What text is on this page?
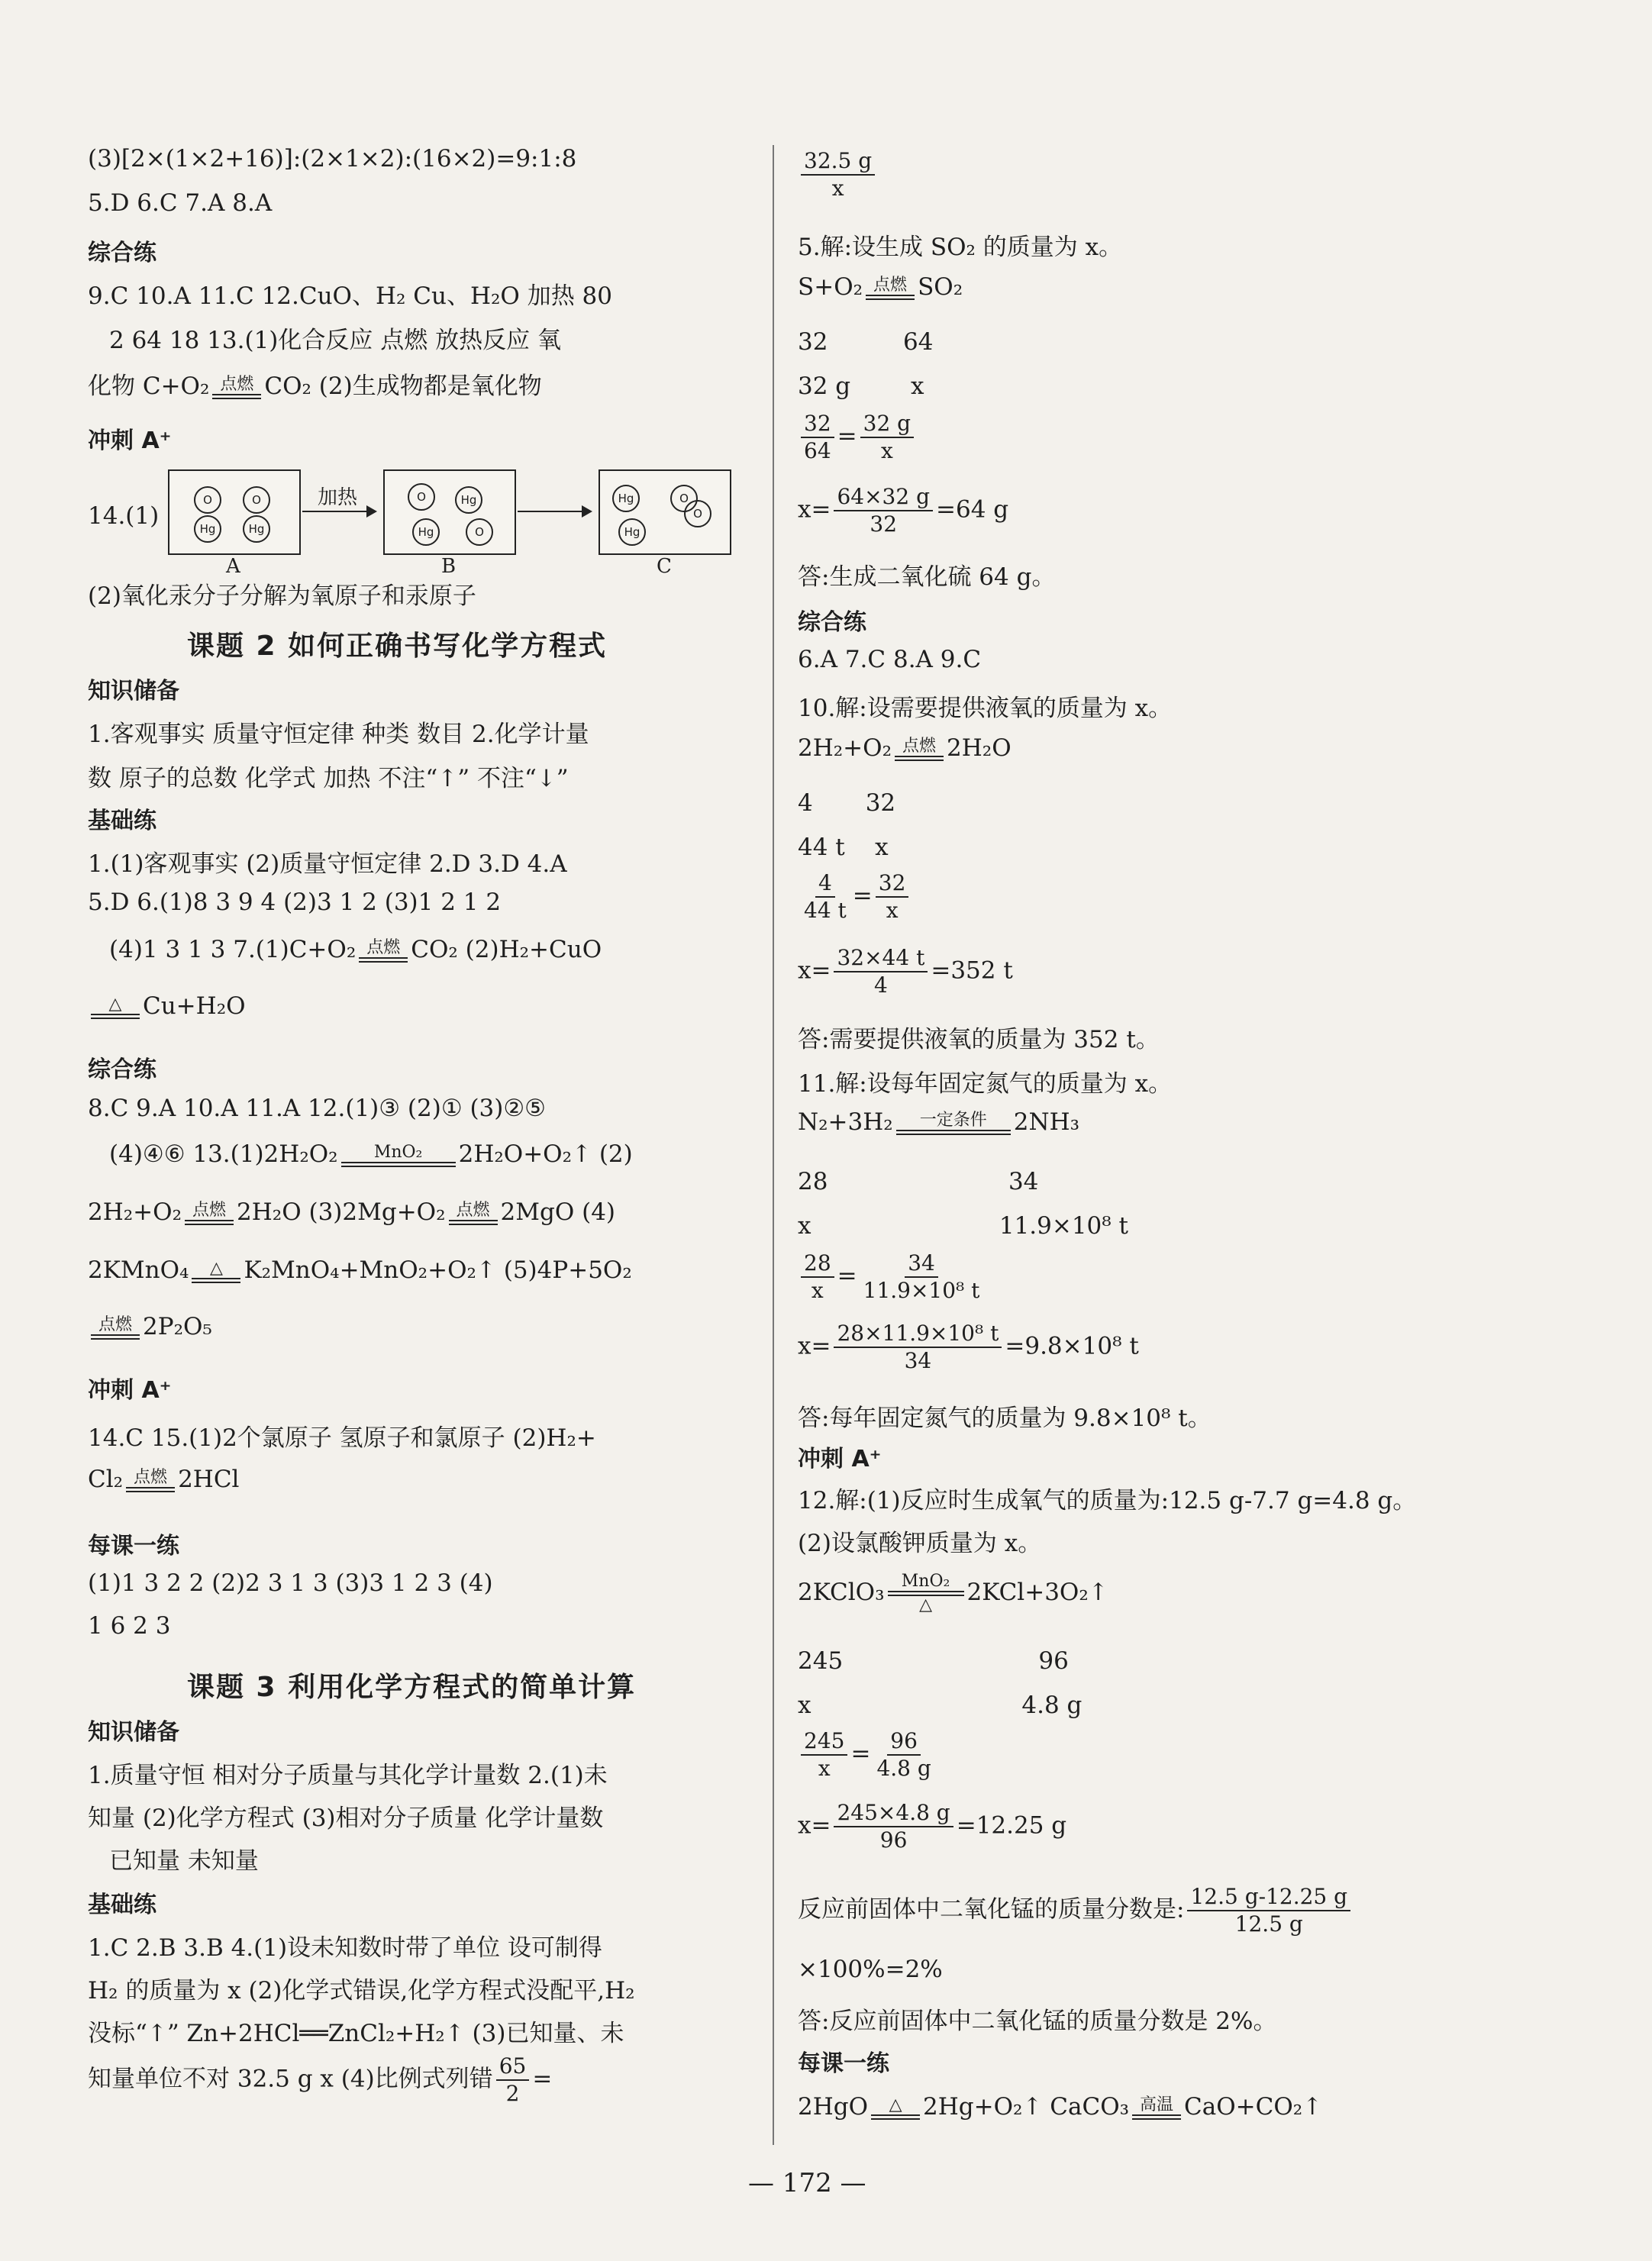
(3)[2×(1×2+16)]:(2×1×2):(16×2)=9:1:8
5.D 6.C 7.A 8.A
综合练
9.C 10.A 11.C 12.CuO、H₂ Cu、H₂O 加热 80
2 64 18 13.(1)化合反应 点燃 放热反应 氧
化物 C+O₂ 点燃 CO₂ (2)生成物都是氧化物
冲刺 A⁺
14.(1)
(2)氧化汞分子分解为氧原子和汞原子
课题 2 如何正确书写化学方程式
知识储备
1.客观事实 质量守恒定律 种类 数目 2.化学计量
数 原子的总数 化学式 加热 不注“↑” 不注“↓”
基础练
1.(1)客观事实 (2)质量守恒定律 2.D 3.D 4.A
5.D 6.(1)8 3 9 4 (2)3 1 2 (3)1 2 1 2
(4)1 3 1 3 7.(1)C+O₂ 点燃 CO₂ (2)H₂+CuO
△ Cu+H₂O
综合练
8.C 9.A 10.A 11.A 12.(1)③ (2)① (3)②⑤
(4)④⑥ 13.(1)2H₂O₂ MnO₂ 2H₂O+O₂↑ (2)
2H₂+O₂ 点燃 2H₂O (3)2Mg+O₂ 点燃 2MgO (4)
2KMnO₄ △ K₂MnO₄+MnO₂+O₂↑ (5)4P+5O₂
点燃 2P₂O₅
冲刺 A⁺
14.C 15.(1)2个氯原子 氢原子和氯原子 (2)H₂+
Cl₂ 点燃 2HCl
每课一练
(1)1 3 2 2 (2)2 3 1 3 (3)3 1 2 3 (4)
1 6 2 3
课题 3 利用化学方程式的简单计算
知识储备
1.质量守恒 相对分子质量与其化学计量数 2.(1)未
知量 (2)化学方程式 (3)相对分子质量 化学计量数
已知量 未知量
基础练
1.C 2.B 3.B 4.(1)设未知数时带了单位 设可制得
H₂ 的质量为 x (2)化学式错误,化学方程式没配平,H₂
没标“↑” Zn+2HCl══ZnCl₂+H₂↑ (3)已知量、未
知量单位不对 32.5 g x (4)比例式列错 $\frac{65}{2}$ =
O
Hg
O
Hg
加热	O	Hg
Hg	O
Hg
Hg
O
O
A	B	C
$\frac{32.5 g}{x}$
5.解:设生成 SO₂ 的质量为 x。
S+O₂ 点燃 SO₂
32          64
32 g        x
$\frac{32}{64} = \frac{32 g}{x}$
$x= \frac{64\times 32 g}{32} =64$ g
答:生成二氧化硫 64 g。
综合练
6.A 7.C 8.A 9.C
10.解:设需要提供液氧的质量为 x。
2H₂+O₂ 点燃 2H₂O
4       32
44 t    x
$\frac{4}{44 t} = \frac{32}{x}$
$x= \frac{32\times 44 t}{4} =352$ t
答:需要提供液氧的质量为 352 t。
11.解:设每年固定氮气的质量为 x。
N₂+3H₂ 一定条件 2NH₃
28                        34
x                         11.9×10⁸ t
$\frac{28}{x} = \frac{34}{\text{11.9×10⁸ t}}$
$x= \frac{\text{28×11.9×10⁸ t}}{34} =9.8\times 10^8$ t
答:每年固定氮气的质量为 9.8×10⁸ t。
冲刺 A⁺
12.解:(1)反应时生成氧气的质量为:12.5 g-7.7 g=4.8 g。
(2)设氯酸钾质量为 x。
2KClO₃ MnO₂
△ 2KCl+3O₂↑
245                          96
x                            4.8 g
$\frac{245}{x} = \frac{96}{4.8 g}$
$x= \frac{245\times 4.8 g}{96} =12.25$ g
反应前固体中二氧化锰的质量分数是: $\frac{12.5 g-12.25 g}{12.5 g}$
×100%=2%
答:反应前固体中二氧化锰的质量分数是 2%。
每课一练
2HgO △ 2Hg+O₂↑ CaCO₃ 高温 CaO+CO₂↑
— 172 —
